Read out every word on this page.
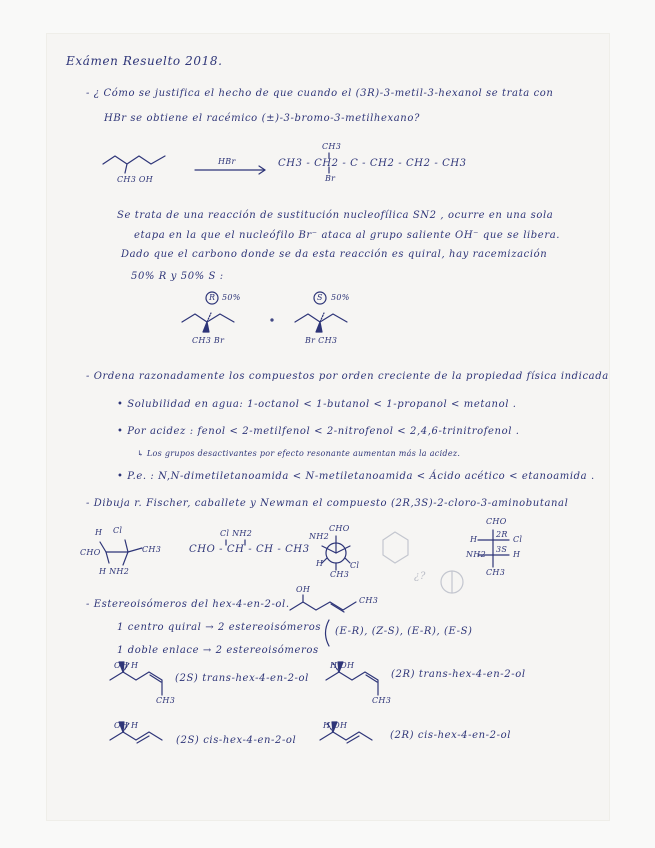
Exámen Resuelto 2018.
- ¿ Cómo se justifica el hecho de que cuando el (3R)-3-metil-3-hexanol se trata con
HBr se obtiene el racémico (±)-3-bromo-3-metilhexano?
CH3 OH
HBr
CH3
CH3 - CH2 - C - CH2 - CH2 - CH3
Br
Se trata de una reacción de sustitución nucleofílica SN2 , ocurre en una sola
etapa en la que el nucleófilo Br⁻ ataca al grupo saliente OH⁻ que se libera.
Dado que el carbono donde se da esta reacción es quiral, hay racemización
50% R y 50% S :
R 50%	S 50%
CH3 Br	Br CH3
- Ordena razonadamente los compuestos por orden creciente de la propiedad física indicada
• Solubilidad en agua: 1-octanol < 1-butanol < 1-propanol < metanol .
• Por acidez : fenol < 2-metilfenol < 2-nitrofenol < 2,4,6-trinitrofenol .
↳ Los grupos desactivantes por efecto resonante aumentan más la acidez.
• P.e. : N,N-dimetiletanoamida < N-metiletanoamida < Ácido acético < etanoamida .
- Dibuja r. Fischer, caballete y Newman el compuesto (2R,3S)-2-cloro-3-aminobutanal
H Cl
CHO	CH3
H NH2
Cl NH2
CHO - CH - CH - CH3
CHO
NH2
H	Cl
CH3	¿?
CHO
H
2R
Cl
NH2
3S
H
CH3
- Estereoisómeros del hex-4-en-2-ol.
OH
CH3
1 centro quiral → 2 estereoisómeros
1 doble enlace → 2 estereoisómeros
(E-R), (Z-S), (E-R), (E-S)
OH H
CH3
(2S) trans-hex-4-en-2-ol
H OH
CH3
(2R) trans-hex-4-en-2-ol
OH H
(2S) cis-hex-4-en-2-ol
H OH
(2R) cis-hex-4-en-2-ol
